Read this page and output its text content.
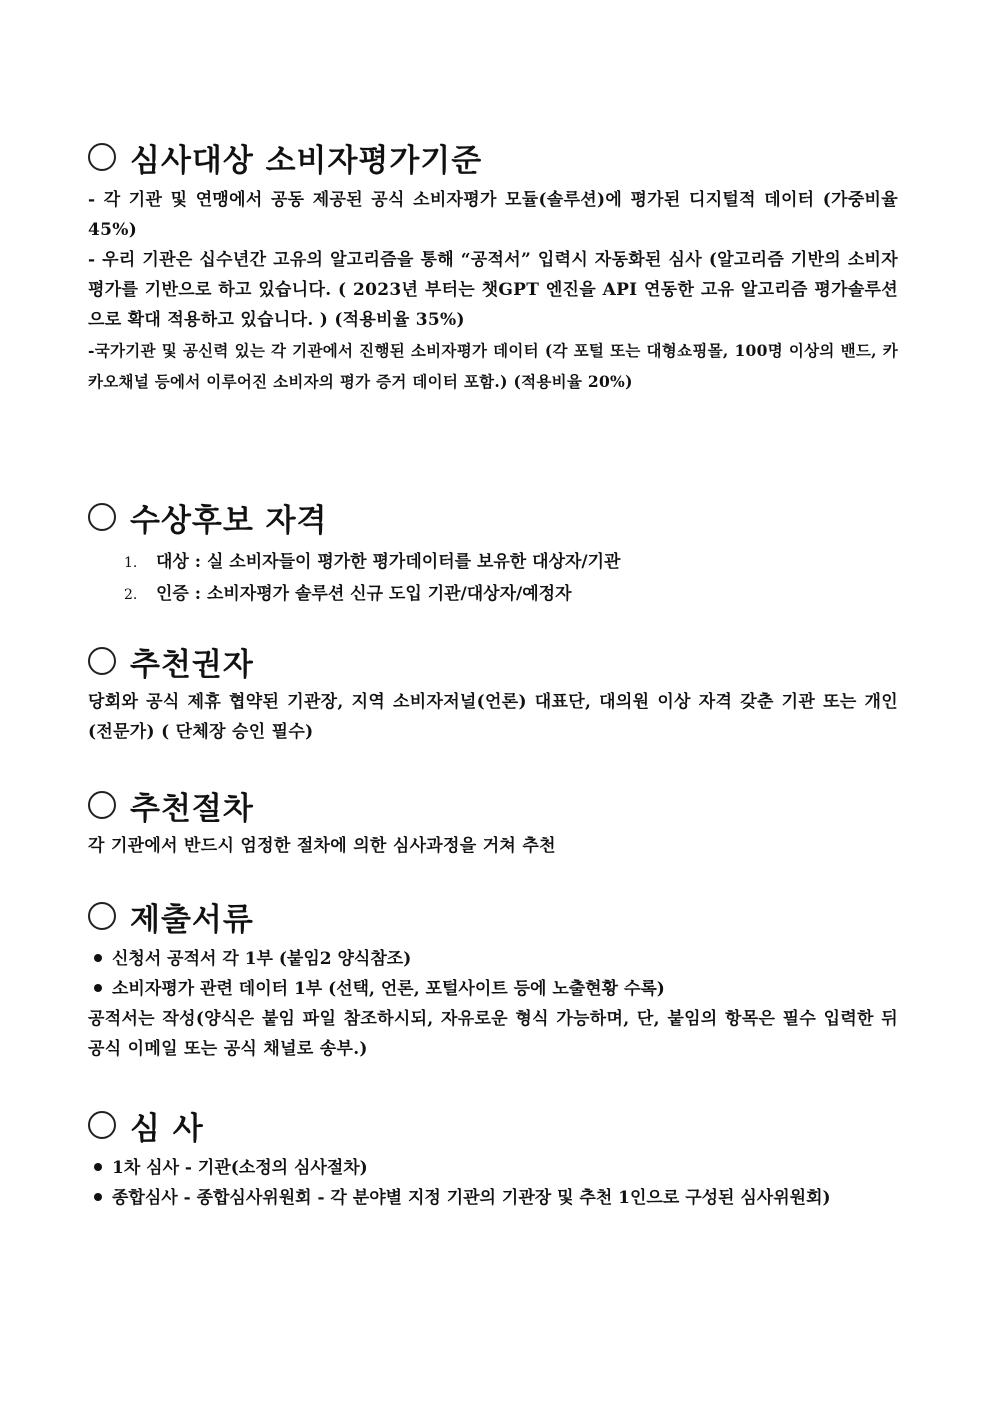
심사대상 소비자평가기준

- 각 기관 및 연맹에서 공동 제공된 공식 소비자평가 모듈(솔루션)에 평가된 디지털적 데이터 (가중비율 45%)

- 우리 기관은 십수년간 고유의 알고리즘을 통해 “공적서” 입력시 자동화된 심사 (알고리즘 기반의 소비자 평가를 기반으로 하고 있습니다. ( 2023년 부터는 챗GPT 엔진을 API 연동한 고유 알고리즘 평가솔루션으로 확대 적용하고 있습니다. ) (적용비율 35%)

-국가기관 및 공신력 있는 각 기관에서 진행된 소비자평가 데이터 (각 포털 또는 대형쇼핑몰, 100명 이상의 밴드, 카카오채널 등에서 이루어진 소비자의 평가 증거 데이터 포함.) (적용비율 20%)

수상후보 자격
1. 대상 : 실 소비자들이 평가한 평가데이터를 보유한 대상자/기관
2. 인증 : 소비자평가 솔루션 신규 도입 기관/대상자/예정자
추천권자

당회와 공식 제휴 협약된 기관장, 지역 소비자저널(언론) 대표단, 대의원 이상 자격 갖춘 기관 또는 개인(전문가) ( 단체장 승인 필수)

추천절차

각 기관에서 반드시 엄정한 절차에 의한 심사과정을 거쳐 추천

제출서류
신청서 공적서 각 1부 (붙임2 양식참조)
소비자평가 관련 데이터 1부 (선택, 언론, 포털사이트 등에 노출현황 수록)

공적서는 작성(양식은 붙임 파일 참조하시되, 자유로운 형식 가능하며, 단, 붙임의 항목은 필수 입력한 뒤 공식 이메일 또는 공식 채널로 송부.)

심 사
1차 심사 - 기관(소정의 심사절차)
종합심사 - 종합심사위원회 - 각 분야별 지정 기관의 기관장 및 추천 1인으로 구성된 심사위원회)
